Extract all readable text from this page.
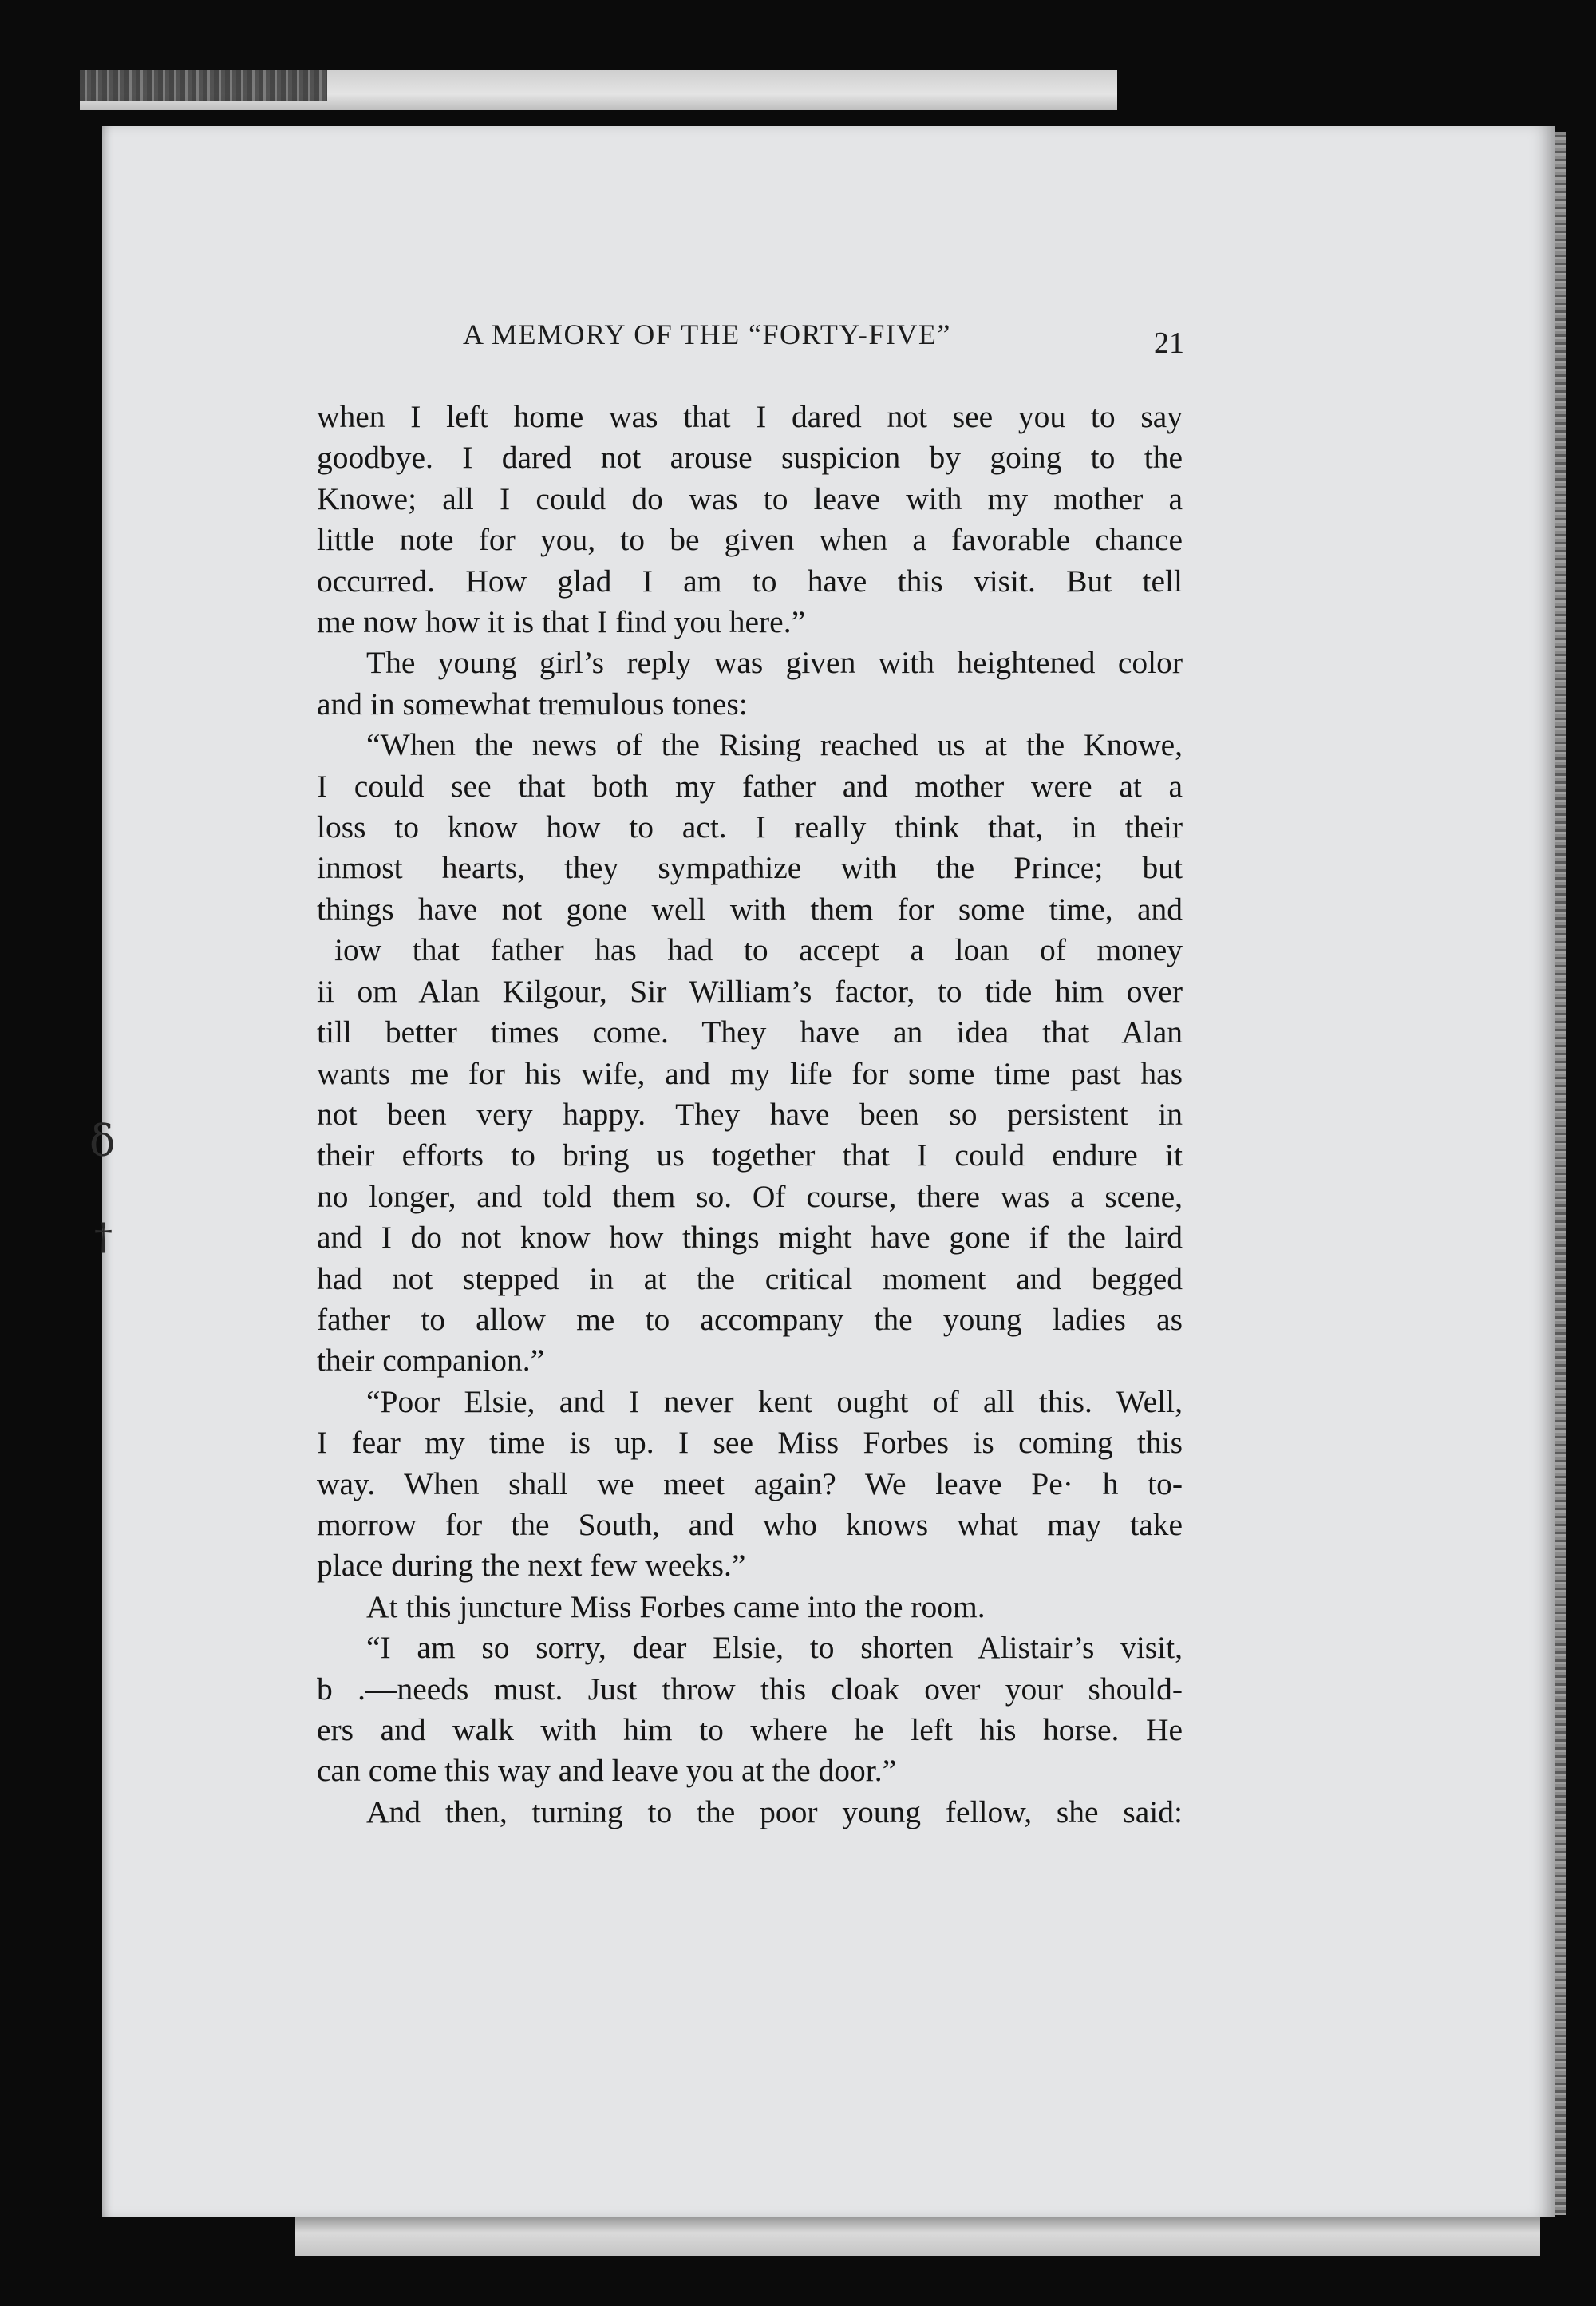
δ
†
A MEMORY OF THE “FORTY-FIVE”	21
when I left home was that I dared not see you to say
goodbye. I dared not arouse suspicion by going to the
Knowe; all I could do was to leave with my mother a
little note for you, to be given when a favorable chance
occurred. How glad I am to have this visit. But tell
me now how it is that I find you here.”
The young girl’s reply was given with heightened color
and in somewhat tremulous tones:
“When the news of the Rising reached us at the Knowe,
I could see that both my father and mother were at a
loss to know how to act. I really think that, in their
inmost hearts, they sympathize with the Prince; but
things have not gone well with them for some time, and
iow that father has had to accept a loan of money
ii om Alan Kilgour, Sir William’s factor, to tide him over
till better times come. They have an idea that Alan
wants me for his wife, and my life for some time past has
not been very happy. They have been so persistent in
their efforts to bring us together that I could endure it
no longer, and told them so. Of course, there was a scene,
and I do not know how things might have gone if the laird
had not stepped in at the critical moment and begged
father to allow me to accompany the young ladies as
their companion.”
“Poor Elsie, and I never kent ought of all this. Well,
I fear my time is up. I see Miss Forbes is coming this
way. When shall we meet again? We leave Pe· h to-
morrow for the South, and who knows what may take
place during the next few weeks.”
At this juncture Miss Forbes came into the room.
“I am so sorry, dear Elsie, to shorten Alistair’s visit,
b .—needs must. Just throw this cloak over your should-
ers and walk with him to where he left his horse. He
can come this way and leave you at the door.”
And then, turning to the poor young fellow, she said:
